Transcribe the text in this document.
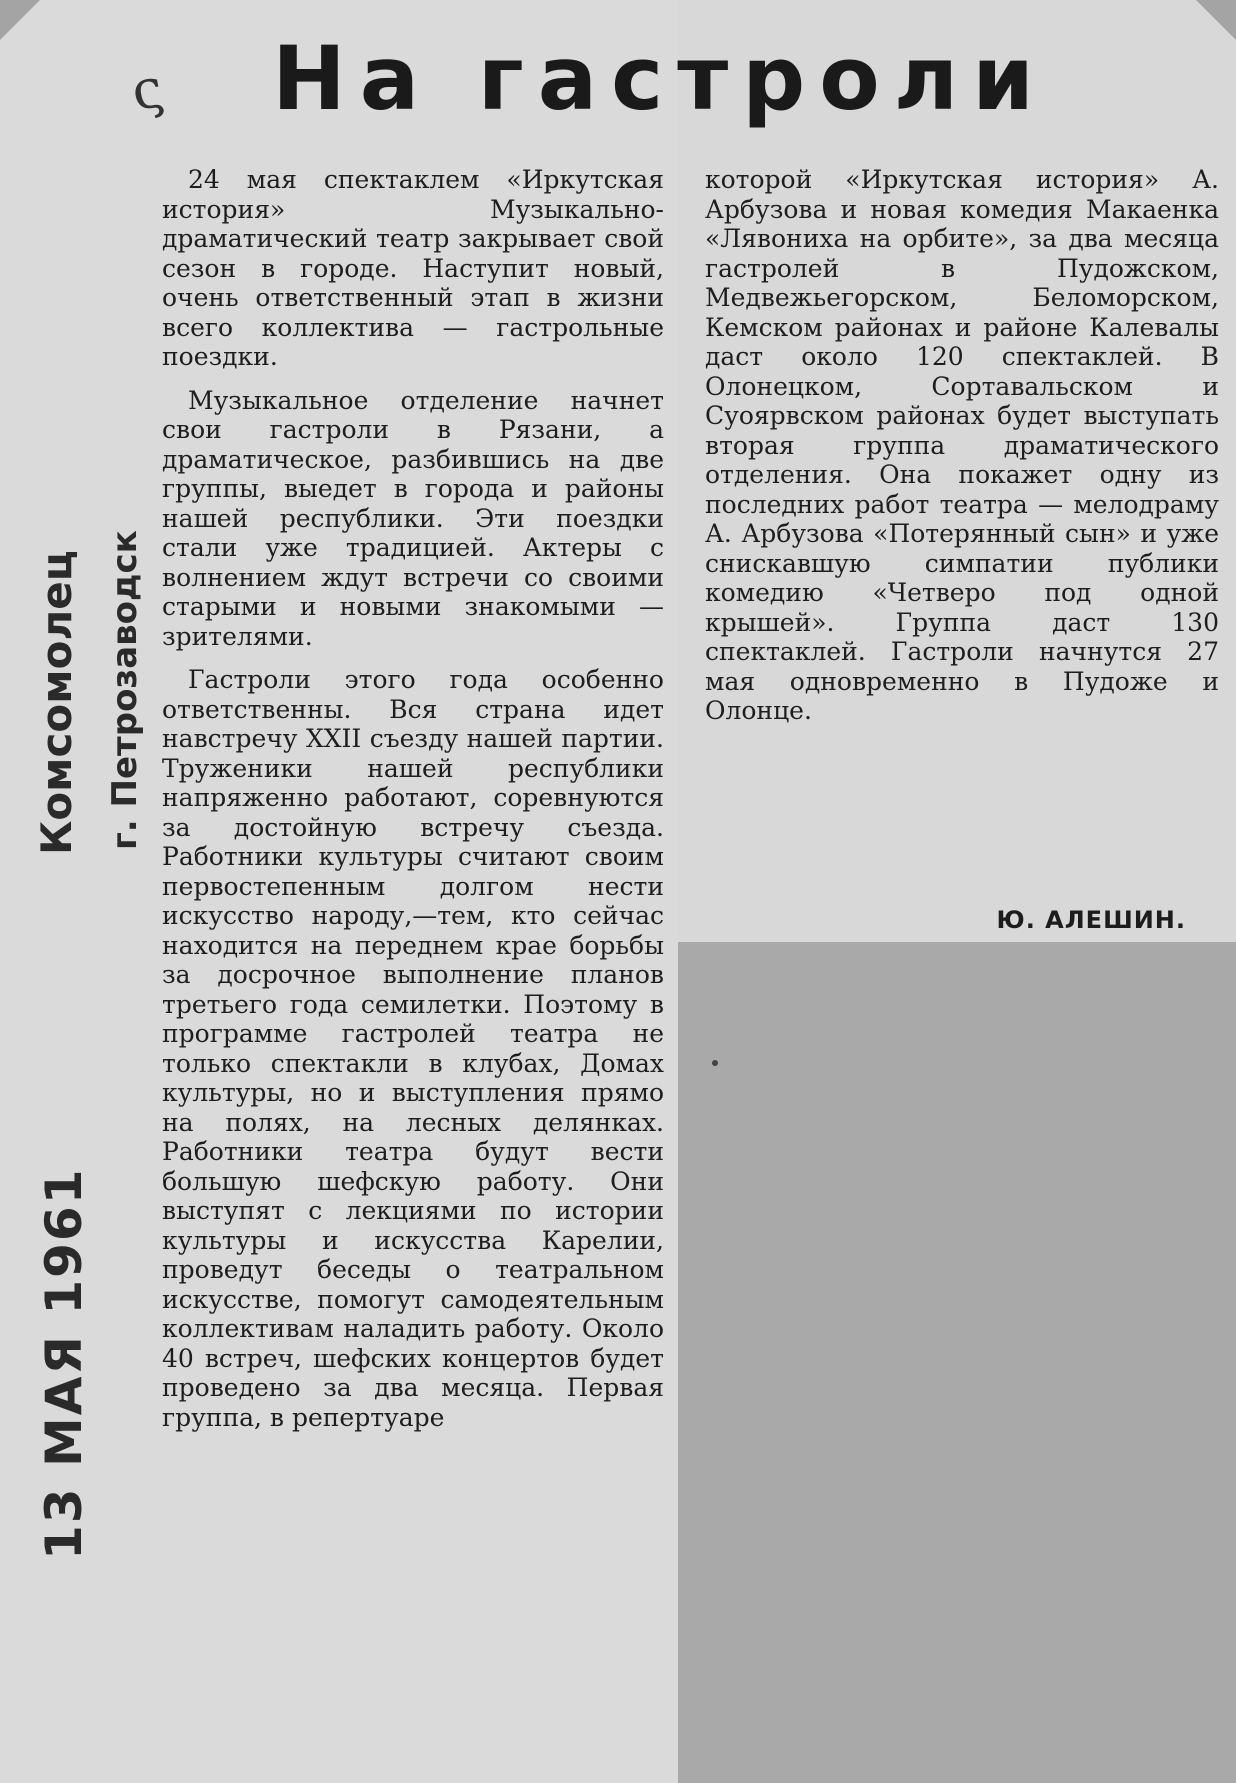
ς	На гастроли

24 мая спектаклем «Иркутская история» Музыкально-драматический театр закрывает свой сезон в городе. Наступит новый, очень ответственный этап в жизни всего коллектива — гастрольные поездки.

Музыкальное отделение начнет свои гастроли в Рязани, а драматическое, разбившись на две группы, выедет в города и районы нашей республики. Эти поездки стали уже традицией. Актеры с волнением ждут встречи со своими старыми и новыми знакомыми — зрителями.

Гастроли этого года особенно ответственны. Вся страна идет навстречу XXII съезду нашей партии. Труженики нашей республики напряженно работают, соревнуются за достойную встречу съезда. Работники культуры считают своим первостепенным долгом нести искусство народу,—тем, кто сейчас находится на переднем крае борьбы за досрочное выполнение планов третьего года семилетки. Поэтому в программе гастролей театра не только спектакли в клубах, Домах культуры, но и выступления прямо на полях, на лесных делянках. Работники театра будут вести большую шефскую работу. Они выступят с лекциями по истории культуры и искусства Карелии, проведут беседы о театральном искусстве, помогут самодеятельным коллективам наладить работу. Около 40 встреч, шефских концертов будет проведено за два месяца. Первая группа, в репертуаре

которой «Иркутская история» А. Арбузова и новая комедия Макаенка «Лявониха на орбите», за два месяца гастролей в Пудожском, Медвежьегорском, Беломорском, Кемском районах и районе Калевалы даст около 120 спектаклей. В Олонецком, Сортавальском и Суоярвском районах будет выступать вторая группа драматического отделения. Она покажет одну из последних работ театра — мелодраму А. Арбузова «Потерянный сын» и уже снискавшую симпатии публики комедию «Четверо под одной крышей». Группа даст 130 спектаклей. Гастроли начнутся 27 мая одновременно в Пудоже и Олонце.

Ю. АЛЕШИН.
Комсомолец г. Петрозаводск
13 МАЯ 1961
